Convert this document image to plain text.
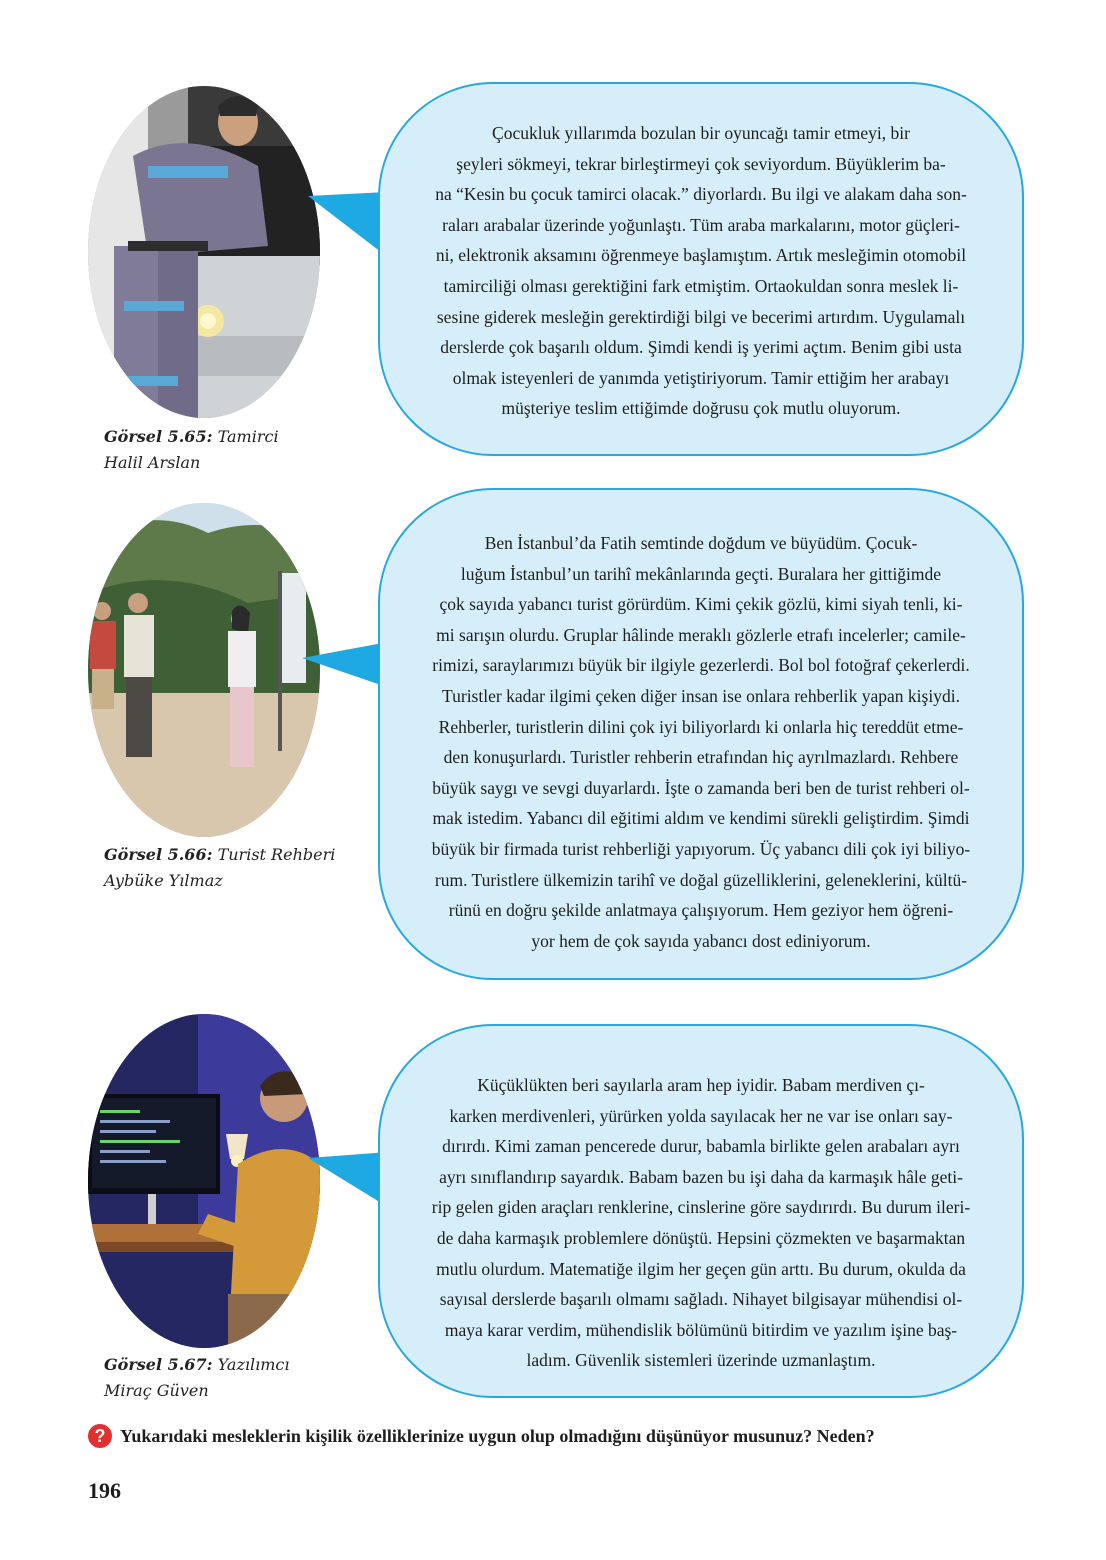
Görsel 5.65: Tamirci
Halil Arslan

Çocukluk yıllarımda bozulan bir oyuncağı tamir etmeyi, bir
şeyleri sökmeyi, tekrar birleştirmeyi çok seviyordum. Büyüklerim ba-
na “Kesin bu çocuk tamirci olacak.” diyorlardı. Bu ilgi ve alakam daha son-
raları arabalar üzerinde yoğunlaştı. Tüm araba markalarını, motor güçleri-
ni, elektronik aksamını öğrenmeye başlamıştım. Artık mesleğimin otomobil
tamirciliği olması gerektiğini fark etmiştim. Ortaokuldan sonra meslek li-
sesine giderek mesleğin gerektirdiği bilgi ve becerimi artırdım. Uygulamalı
derslerde çok başarılı oldum. Şimdi kendi iş yerimi açtım. Benim gibi usta
olmak isteyenleri de yanımda yetiştiriyorum. Tamir ettiğim her arabayı
müşteriye teslim ettiğimde doğrusu çok mutlu oluyorum.

Görsel 5.66: Turist Rehberi
Aybüke Yılmaz

Ben İstanbul’da Fatih semtinde doğdum ve büyüdüm. Çocuk-
luğum İstanbul’un tarihî mekânlarında geçti. Buralara her gittiğimde
çok sayıda yabancı turist görürdüm. Kimi çekik gözlü, kimi siyah tenli, ki-
mi sarışın olurdu. Gruplar hâlinde meraklı gözlerle etrafı incelerler; camile-
rimizi, saraylarımızı büyük bir ilgiyle gezerlerdi. Bol bol fotoğraf çekerlerdi.
Turistler kadar ilgimi çeken diğer insan ise onlara rehberlik yapan kişiydi.
Rehberler, turistlerin dilini çok iyi biliyorlardı ki onlarla hiç tereddüt etme-
den konuşurlardı. Turistler rehberin etrafından hiç ayrılmazlardı. Rehbere
büyük saygı ve sevgi duyarlardı. İşte o zamanda beri ben de turist rehberi ol-
mak istedim. Yabancı dil eğitimi aldım ve kendimi sürekli geliştirdim. Şimdi
büyük bir firmada turist rehberliği yapıyorum. Üç yabancı dili çok iyi biliyo-
rum. Turistlere ülkemizin tarihî ve doğal güzelliklerini, geleneklerini, kültü-
rünü en doğru şekilde anlatmaya çalışıyorum. Hem geziyor hem öğreni-
yor hem de çok sayıda yabancı dost ediniyorum.

Görsel 5.67: Yazılımcı
Miraç Güven

Küçüklükten beri sayılarla aram hep iyidir. Babam merdiven çı-
karken merdivenleri, yürürken yolda sayılacak her ne var ise onları say-
dırırdı. Kimi zaman pencerede durur, babamla birlikte gelen arabaları ayrı
ayrı sınıflandırıp sayardık. Babam bazen bu işi daha da karmaşık hâle geti-
rip gelen giden araçları renklerine, cinslerine göre saydırırdı. Bu durum ileri-
de daha karmaşık problemlere dönüştü. Hepsini çözmekten ve başarmaktan
mutlu olurdum. Matematiğe ilgim her geçen gün arttı. Bu durum, okulda da
sayısal derslerde başarılı olmamı sağladı. Nihayet bilgisayar mühendisi ol-
maya karar verdim, mühendislik bölümünü bitirdim ve yazılım işine baş-
ladım. Güvenlik sistemleri üzerinde uzmanlaştım.

? Yukarıdaki mesleklerin kişilik özelliklerinize uygun olup olmadığını düşünüyor musunuz? Neden?
196
